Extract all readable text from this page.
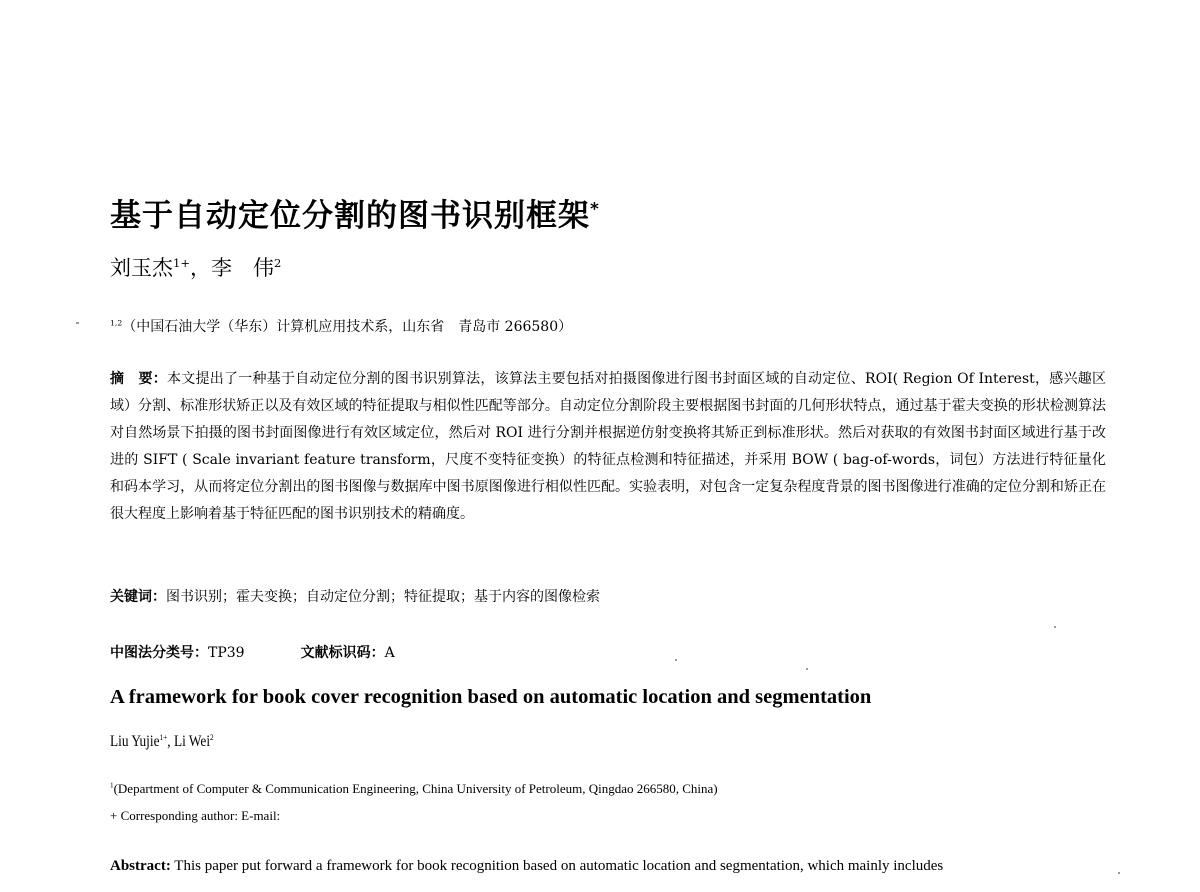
基于自动定位分割的图书识别框架*
刘玉杰$^{1+}$，李　伟$^2$
$^{1,2}$（中国石油大学（华东）计算机应用技术系，山东省　青岛市 266580）
摘　要：本文提出了一种基于自动定位分割的图书识别算法，该算法主要包括对拍摄图像进行图书封面区域的自动定位、ROI( Region Of Interest，感兴趣区域）分割、标准形状矫正以及有效区域的特征提取与相似性匹配等部分。自动定位分割阶段主要根据图书封面的几何形状特点，通过基于霍夫变换的形状检测算法对自然场景下拍摄的图书封面图像进行有效区域定位，然后对 ROI 进行分割并根据逆仿射变换将其矫正到标准形状。然后对获取的有效图书封面区域进行基于改进的 SIFT ( Scale invariant feature transform，尺度不变特征变换）的特征点检测和特征描述，并采用 BOW ( bag-of-words，词包）方法进行特征量化和码本学习，从而将定位分割出的图书图像与数据库中图书原图像进行相似性匹配。实验表明，对包含一定复杂程度背景的图书图像进行准确的定位分割和矫正在很大程度上影响着基于特征匹配的图书识别技术的精确度。
关键词：图书识别；霍夫变换；自动定位分割；特征提取；基于内容的图像检索
中图法分类号：TP39	文献标识码：A
A framework for book cover recognition based on automatic location and segmentation
Liu Yujie$^{1+}$, Li Wei$^2$
$^1$(Department of Computer & Communication Engineering, China University of Petroleum, Qingdao 266580, China)
+ Corresponding author: E-mail:
Abstract: This paper put forward a framework for book recognition based on automatic location and segmentation, which mainly includes
